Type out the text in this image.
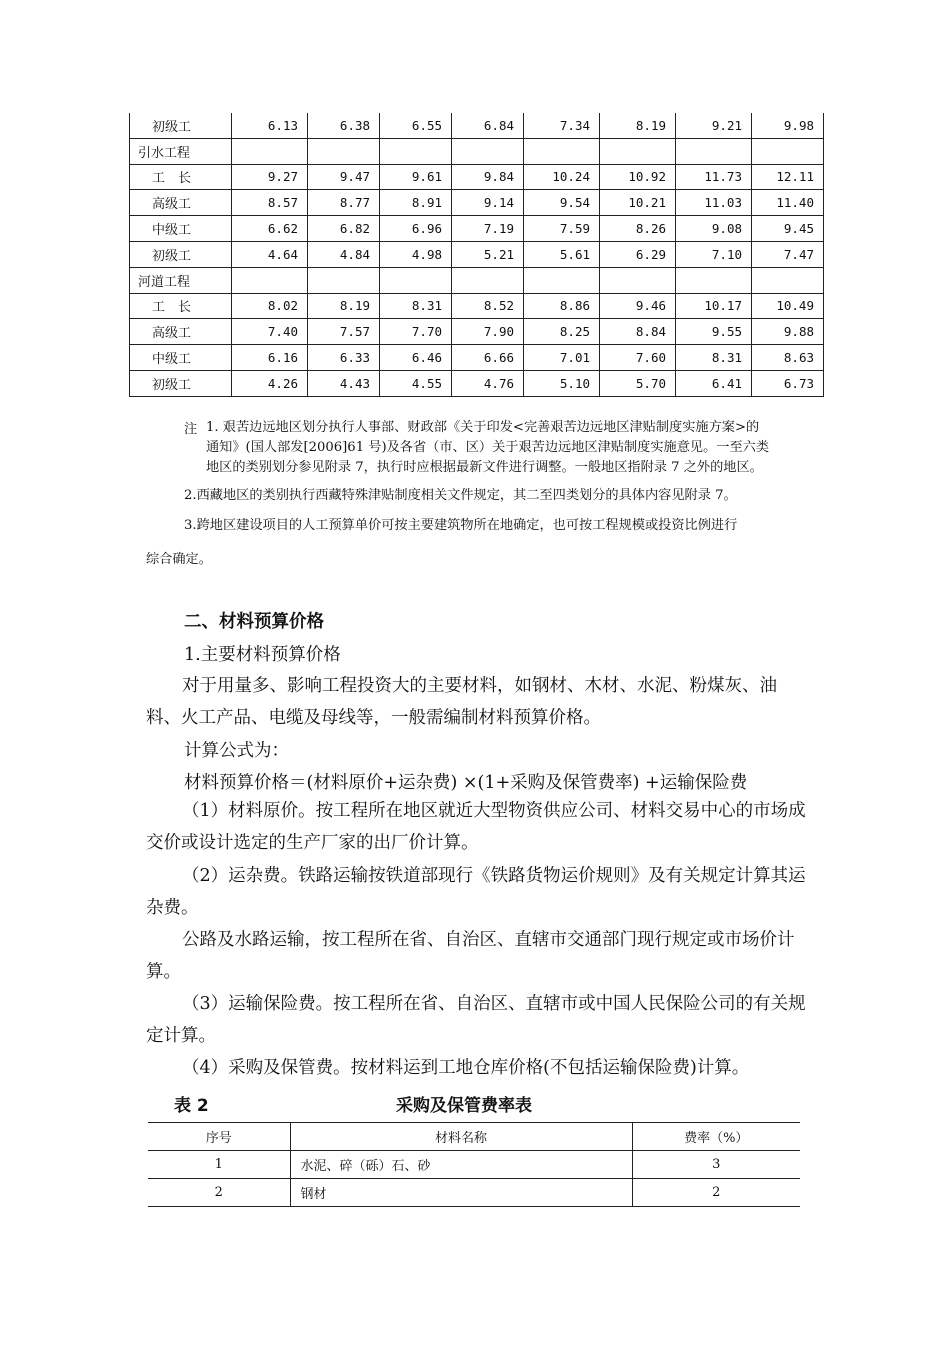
初级工	6.13	6.38	6.55	6.84	7.34	8.19	9.21	9.98
引水工程								
工　长	9.27	9.47	9.61	9.84	10.24	10.92	11.73	12.11
高级工	8.57	8.77	8.91	9.14	9.54	10.21	11.03	11.40
中级工	6.62	6.82	6.96	7.19	7.59	8.26	9.08	9.45
初级工	4.64	4.84	4.98	5.21	5.61	6.29	7.10	7.47
河道工程								
工　长	8.02	8.19	8.31	8.52	8.86	9.46	10.17	10.49
高级工	7.40	7.57	7.70	7.90	8.25	8.84	9.55	9.88
中级工	6.16	6.33	6.46	6.66	7.01	7.60	8.31	8.63
初级工	4.26	4.43	4.55	4.76	5.10	5.70	6.41	6.73
注 1. 艰苦边远地区划分执行人事部、财政部《关于印发<完善艰苦边远地区津贴制度实施方案>的
通知》(国人部发[2006]61 号)及各省（市、区）关于艰苦边远地区津贴制度实施意见。一至六类
地区的类别划分参见附录 7，执行时应根据最新文件进行调整。一般地区指附录 7 之外的地区。
2.西藏地区的类别执行西藏特殊津贴制度相关文件规定，其二至四类划分的具体内容见附录 7。
3.跨地区建设项目的人工预算单价可按主要建筑物所在地确定，也可按工程规模或投资比例进行
综合确定。
二、材料预算价格
1.主要材料预算价格
对于用量多、影响工程投资大的主要材料，如钢材、木材、水泥、粉煤灰、油料、火工产品、电缆及母线等，一般需编制材料预算价格。
计算公式为：
材料预算价格＝(材料原价+运杂费) ×(1+采购及保管费率) +运输保险费
（1）材料原价。按工程所在地区就近大型物资供应公司、材料交易中心的市场成交价或设计选定的生产厂家的出厂价计算。
（2）运杂费。铁路运输按铁道部现行《铁路货物运价规则》及有关规定计算其运杂费。
公路及水路运输，按工程所在省、自治区、直辖市交通部门现行规定或市场价计算。
（3）运输保险费。按工程所在省、自治区、直辖市或中国人民保险公司的有关规定计算。
（4）采购及保管费。按材料运到工地仓库价格(不包括运输保险费)计算。
表 2	采购及保管费率表
序号	材料名称	费率（%）
1	水泥、碎（砾）石、砂	3
2	钢材	2
